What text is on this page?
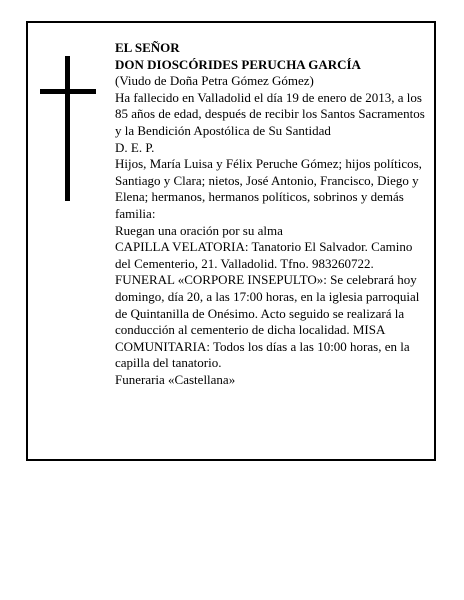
EL SEÑOR

DON DIOSCÓRIDES PERUCHA GARCÍA

(Viudo de Doña Petra Gómez Gómez)

Ha fallecido en Valladolid el día 19 de enero de 2013, a los 85 años de edad, después de recibir los Santos Sacramentos y la Bendición Apostólica de Su Santidad

D. E. P.

Hijos, María Luisa y Félix Peruche Gómez; hijos políticos, Santiago y Clara; nietos, José Antonio, Francisco, Diego y Elena; hermanos, hermanos políticos, sobrinos y demás familia:

Ruegan una oración por su alma

CAPILLA VELATORIA: Tanatorio El Salvador. Camino del Cementerio, 21. Valladolid. Tfno. 983260722.

FUNERAL «CORPORE INSEPULTO»: Se celebrará hoy domingo, día 20, a las 17:00 horas, en la iglesia parroquial de Quintanilla de Onésimo. Acto seguido se realizará la conducción al cementerio de dicha localidad. MISA COMUNITARIA: Todos los días a las 10:00 horas, en la capilla del tanatorio.

Funeraria «Castellana»
